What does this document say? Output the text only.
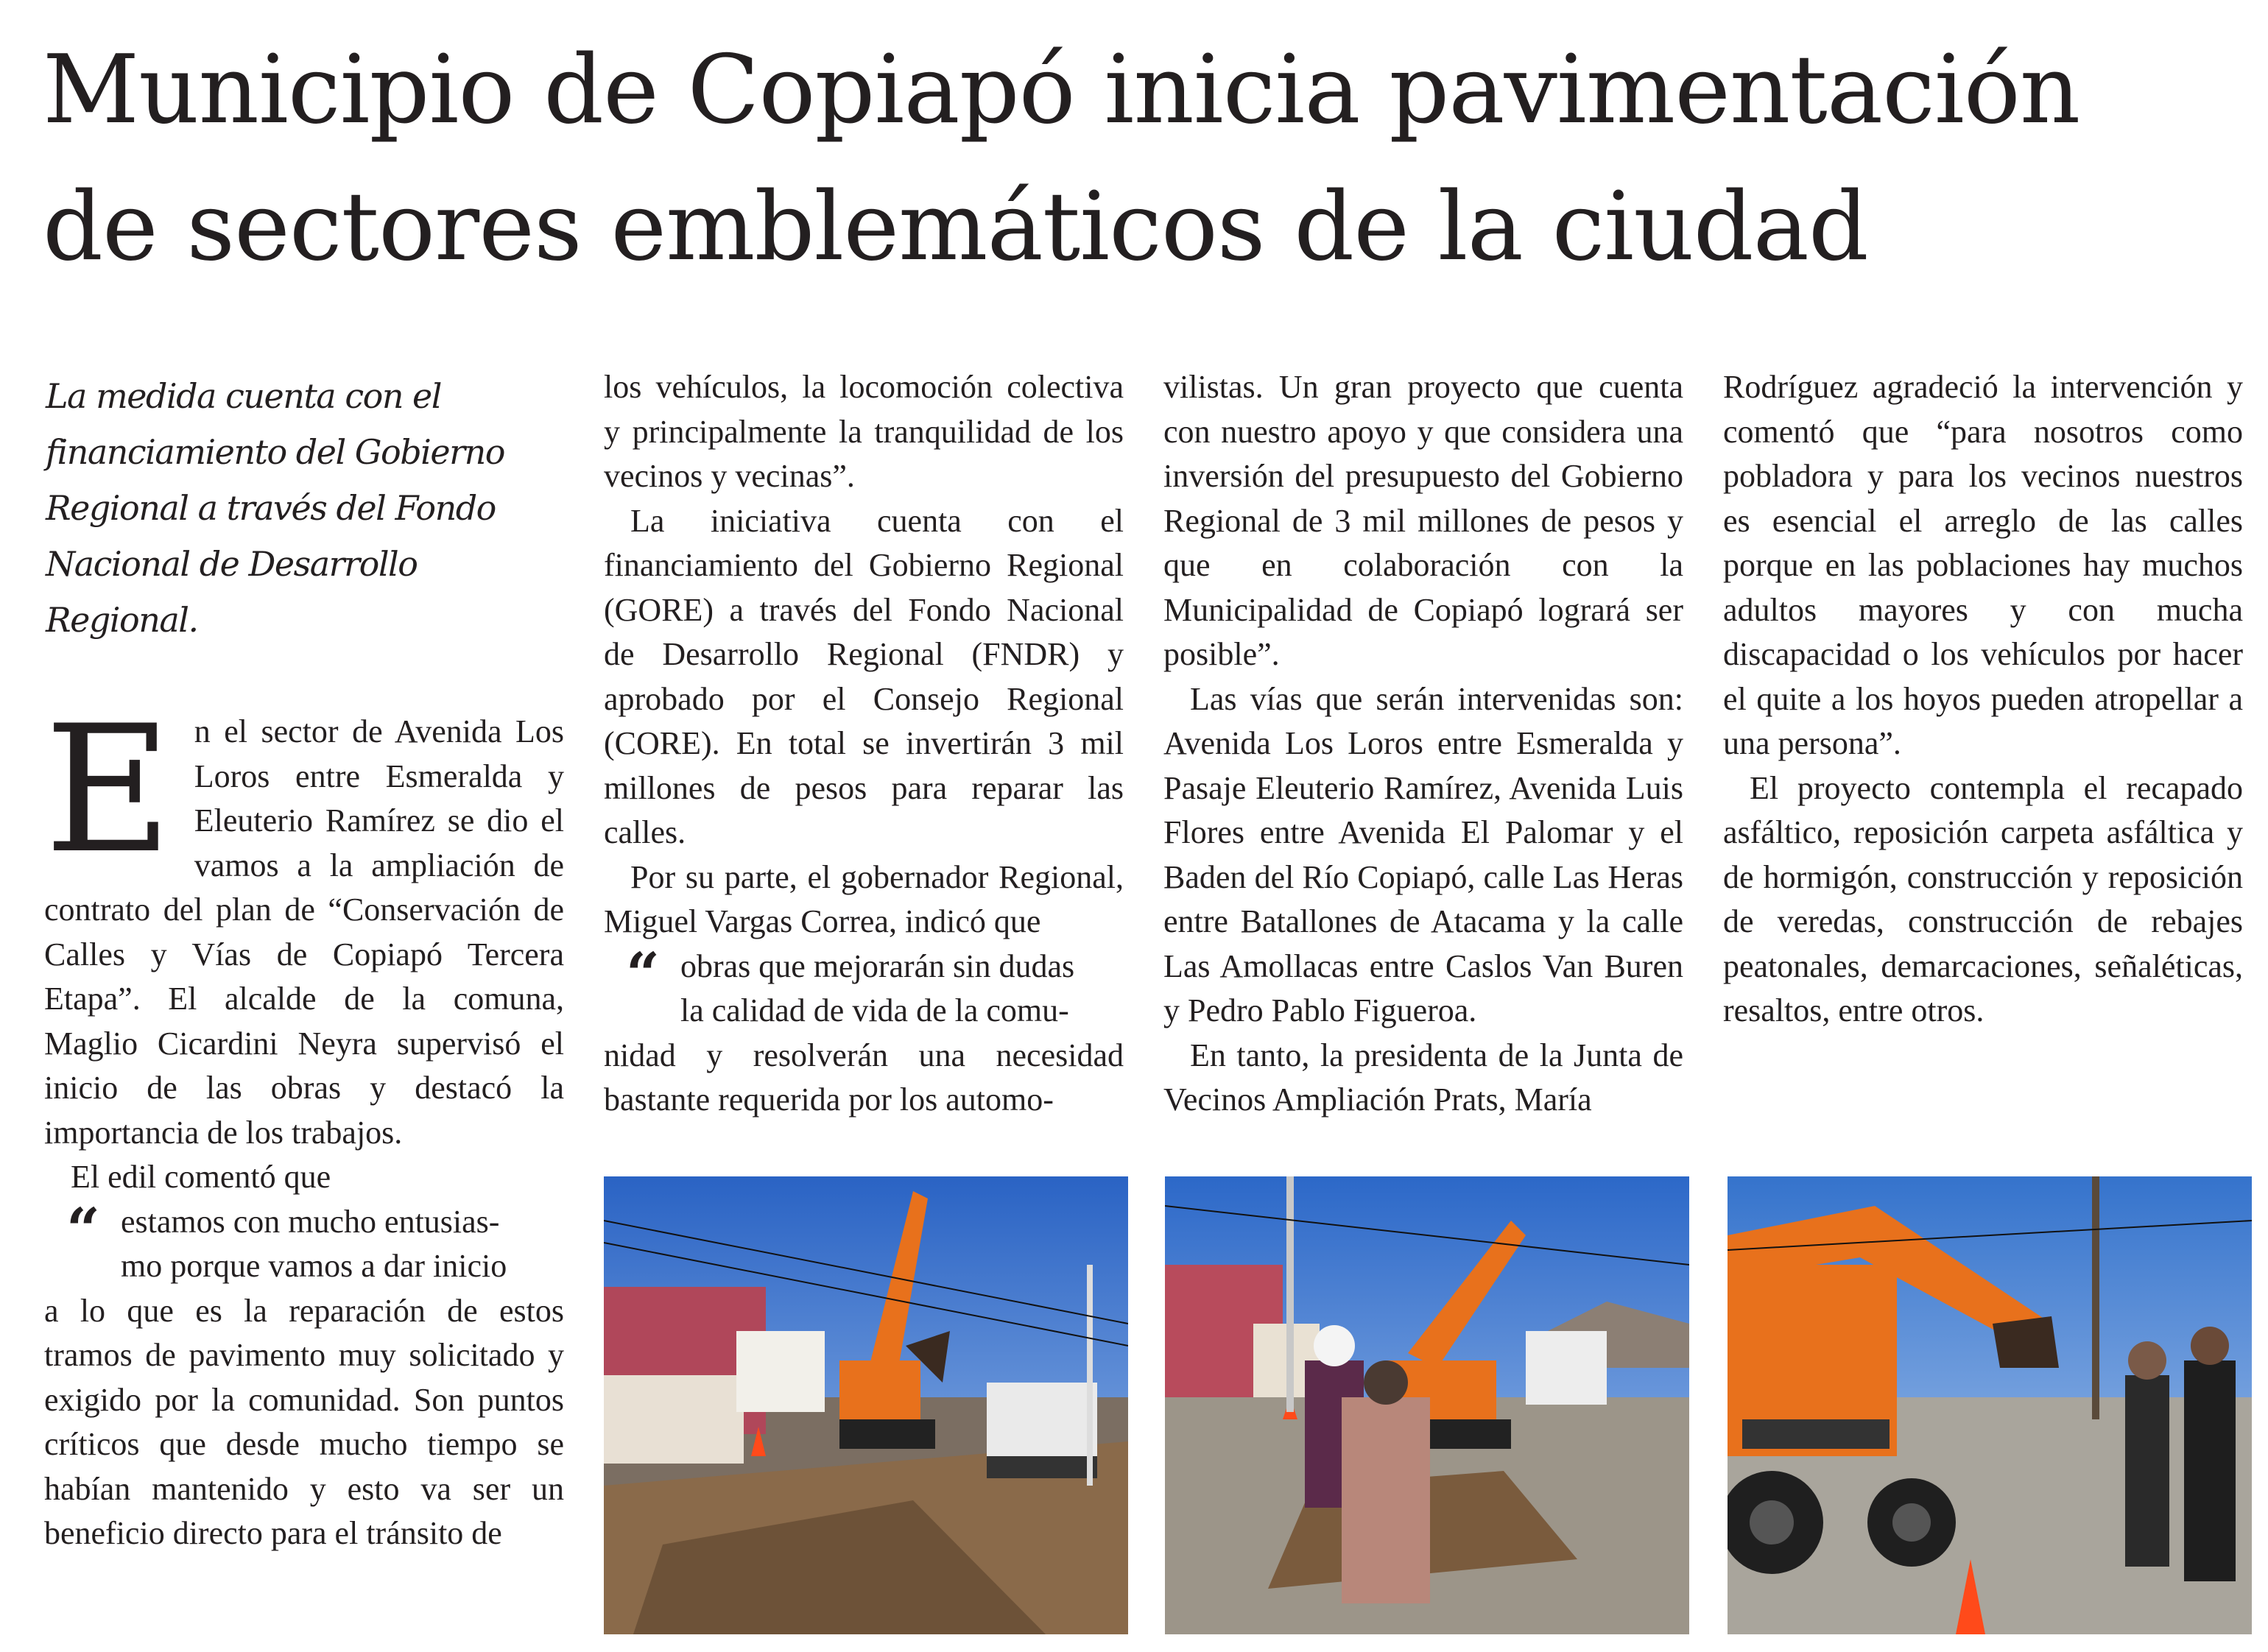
Municipio de Copiapó inicia pavimentación
de sectores emblemáticos de la ciudad

La medida cuenta con el financiamiento del Gobierno Regional a través del Fondo Nacional de Desarrollo Regional.

En el sector de Avenida Los Loros entre Esmeralda y Eleuterio Ramírez se dio el vamos a la ampliación de contrato del plan de “Conservación de Calles y Vías de Copiapó Tercera Etapa”. El alcalde de la comuna, Maglio Cicardini Neyra supervisó el inicio de las obras y destacó la importancia de los trabajos.

El edil comentó que

“ estamos con mucho entusias-
mo porque vamos a dar inicio
a lo que es la reparación de estos tramos de pavimento muy solicitado y exigido por la comunidad. Son puntos críticos que desde mucho tiempo se habían mantenido y esto va ser un beneficio directo para el tránsito de

los vehículos, la locomoción colectiva y principalmente la tranquilidad de los vecinos y vecinas”.

La iniciativa cuenta con el financiamiento del Gobierno Regional (GORE) a través del Fondo Nacional de Desarrollo Regional (FNDR) y aprobado por el Consejo Regional (CORE). En total se invertirán 3 mil millones de pesos para reparar las calles.

Por su parte, el gobernador Regional, Miguel Vargas Correa, indicó que

“ obras que mejorarán sin dudas
la calidad de vida de la comu-
nidad y resolverán una necesidad bastante requerida por los automo-

vilistas. Un gran proyecto que cuenta con nuestro apoyo y que considera una inversión del presupuesto del Gobierno Regional de 3 mil millones de pesos y que en colaboración con la Municipalidad de Copiapó logrará ser posible”.

Las vías que serán intervenidas son: Avenida Los Loros entre Esmeralda y Pasaje Eleuterio Ramírez, Avenida Luis Flores entre Avenida El Palomar y el Baden del Río Copiapó, calle Las Heras entre Batallones de Atacama y la calle Las Amollacas entre Caslos Van Buren y Pedro Pablo Figueroa.

En tanto, la presidenta de la Junta de Vecinos Ampliación Prats, María

Rodríguez agradeció la intervención y comentó que “para nosotros como pobladora y para los vecinos nuestros es esencial el arreglo de las calles porque en las poblaciones hay muchos adultos mayores y con mucha discapacidad o los vehículos por hacer el quite a los hoyos pueden atropellar a una persona”.

El proyecto contempla el recapado asfáltico, reposición carpeta asfáltica y de hormigón, construcción y reposición de veredas, construcción de rebajes peatonales, demarcaciones, señaléticas, resaltos, entre otros.
